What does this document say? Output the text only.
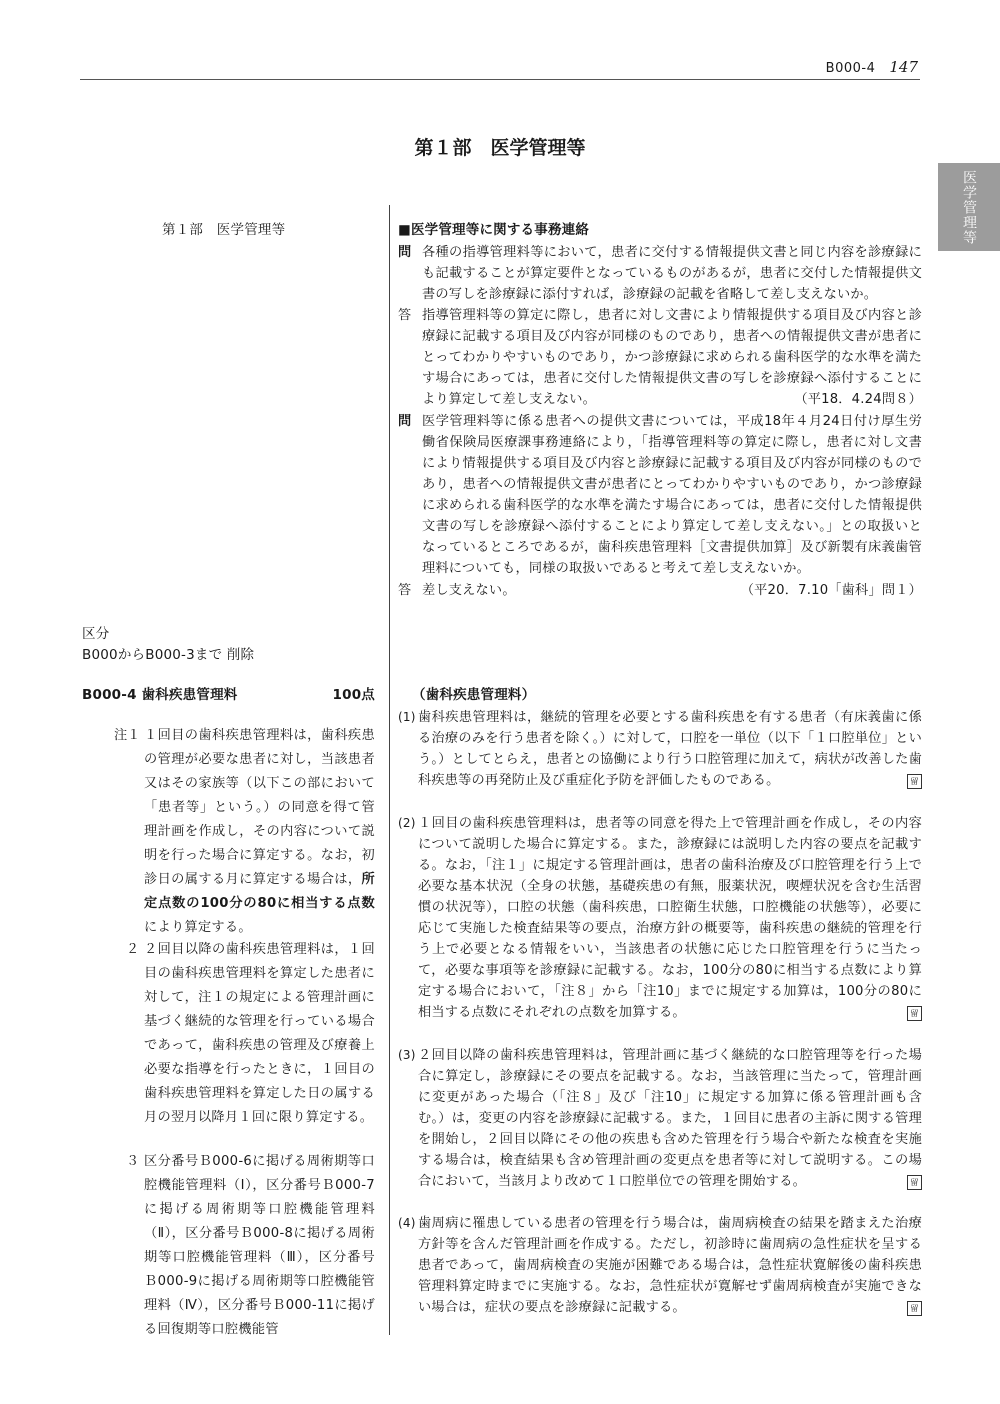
B000-4 147
医学管理等
第１部　医学管理等
第１部　医学管理等
区分
B000からB000-3まで 削除
B000-4 歯科疾患管理料	100点
注１ １回目の歯科疾患管理料は，歯科疾患の管理が必要な患者に対し，当該患者又はその家族等（以下この部において「患者等」という。）の同意を得て管理計画を作成し，その内容について説明を行った場合に算定する。なお，初診日の属する月に算定する場合は，所定点数の100分の80に相当する点数により算定する。
２ ２回目以降の歯科疾患管理料は，１回目の歯科疾患管理料を算定した患者に対して，注１の規定による管理計画に基づく継続的な管理を行っている場合であって，歯科疾患の管理及び療養上必要な指導を行ったときに，１回目の歯科疾患管理料を算定した日の属する月の翌月以降月１回に限り算定する。
３ 区分番号Ｂ000-6に掲げる周術期等口腔機能管理料（Ⅰ），区分番号Ｂ000-7に掲げる周術期等口腔機能管理料（Ⅱ），区分番号Ｂ000-8に掲げる周術期等口腔機能管理料（Ⅲ），区分番号Ｂ000-9に掲げる周術期等口腔機能管理料（Ⅳ），区分番号Ｂ000-11に掲げる回復期等口腔機能管
■医学管理等に関する事務連絡
問 各種の指導管理料等において，患者に交付する情報提供文書と同じ内容を診療録にも記載することが算定要件となっているものがあるが，患者に交付した情報提供文書の写しを診療録に添付すれば，診療録の記載を省略して差し支えないか。
答 指導管理料等の算定に際し，患者に対し文書により情報提供する項目及び内容と診療録に記載する項目及び内容が同様のものであり，患者への情報提供文書が患者にとってわかりやすいものであり，かつ診療録に求められる歯科医学的な水準を満たす場合にあっては，患者に交付した情報提供文書の写しを診療録へ添付することにより算定して差し支えない。	（平18．4.24問８）
問 医学管理料等に係る患者への提供文書については，平成18年４月24日付け厚生労働省保険局医療課事務連絡により，「指導管理料等の算定に際し，患者に対し文書により情報提供する項目及び内容と診療録に記載する項目及び内容が同様のものであり，患者への情報提供文書が患者にとってわかりやすいものであり，かつ診療録に求められる歯科医学的な水準を満たす場合にあっては，患者に交付した情報提供文書の写しを診療録へ添付することにより算定して差し支えない。」との取扱いとなっているところであるが，歯科疾患管理料［文書提供加算］及び新製有床義歯管理料についても，同様の取扱いであると考えて差し支えないか。
答 差し支えない。	（平20．7.10「歯科」問１）
（歯科疾患管理料）
(1) 歯科疾患管理料は，継続的管理を必要とする歯科疾患を有する患者（有床義歯に係る治療のみを行う患者を除く。）に対して，口腔を一単位（以下「１口腔単位」という。）としてとらえ，患者との協働により行う口腔管理に加えて，病状が改善した歯科疾患等の再発防止及び重症化予防を評価したものである。	留
(2) １回目の歯科疾患管理料は，患者等の同意を得た上で管理計画を作成し，その内容について説明した場合に算定する。また，診療録には説明した内容の要点を記載する。なお，「注１」に規定する管理計画は，患者の歯科治療及び口腔管理を行う上で必要な基本状況（全身の状態，基礎疾患の有無，服薬状況，喫煙状況を含む生活習慣の状況等），口腔の状態（歯科疾患，口腔衛生状態，口腔機能の状態等），必要に応じて実施した検査結果等の要点，治療方針の概要等，歯科疾患の継続的管理を行う上で必要となる情報をいい，当該患者の状態に応じた口腔管理を行うに当たって，必要な事項等を診療録に記載する。なお，100分の80に相当する点数により算定する場合において，「注８」から「注10」までに規定する加算は，100分の80に相当する点数にそれぞれの点数を加算する。	留
(3) ２回目以降の歯科疾患管理料は，管理計画に基づく継続的な口腔管理等を行った場合に算定し，診療録にその要点を記載する。なお，当該管理に当たって，管理計画に変更があった場合（「注８」及び「注10」に規定する加算に係る管理計画も含む。）は，変更の内容を診療録に記載する。また，１回目に患者の主訴に関する管理を開始し，２回目以降にその他の疾患も含めた管理を行う場合や新たな検査を実施する場合は，検査結果も含め管理計画の変更点を患者等に対して説明する。この場合において，当該月より改めて１口腔単位での管理を開始する。	留
(4) 歯周病に罹患している患者の管理を行う場合は，歯周病検査の結果を踏まえた治療方針等を含んだ管理計画を作成する。ただし，初診時に歯周病の急性症状を呈する患者であって，歯周病検査の実施が困難である場合は，急性症状寛解後の歯科疾患管理料算定時までに実施する。なお，急性症状が寛解せず歯周病検査が実施できない場合は，症状の要点を診療録に記載する。	留
